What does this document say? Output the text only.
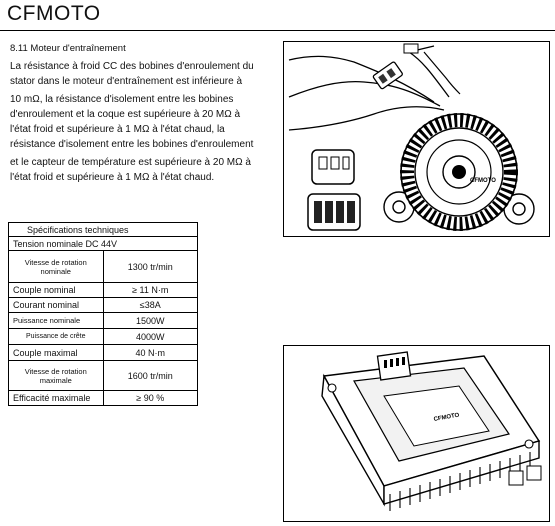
CFMOTO
8.11 Moteur d'entraînement

La résistance à froid CC des bobines d'enroulement du
stator dans le moteur d'entraînement est inférieure à

10 mΩ, la résistance d'isolement entre les bobines
d'enroulement et la coque est supérieure à 20 MΩ à
l'état froid et supérieure à 1 MΩ à l'état chaud, la
résistance d'isolement entre les bobines d'enroulement

et le capteur de température est supérieure à 20 MΩ à
l'état froid et supérieure à 1 MΩ à l'état chaud.

Spécifications techniques	
Tension nominale DC 44V	
Vitesse de rotation nominale	1300 tr/min
Couple nominal	≥ 11 N·m
Courant nominal	≤38A
Puissance nominale	1500W
Puissance de crête	4000W
Couple maximal	40 N·m
Vitesse de rotation maximale	1600 tr/min
Efficacité maximale	≥ 90 %
CFMOTO
CFMOTO
